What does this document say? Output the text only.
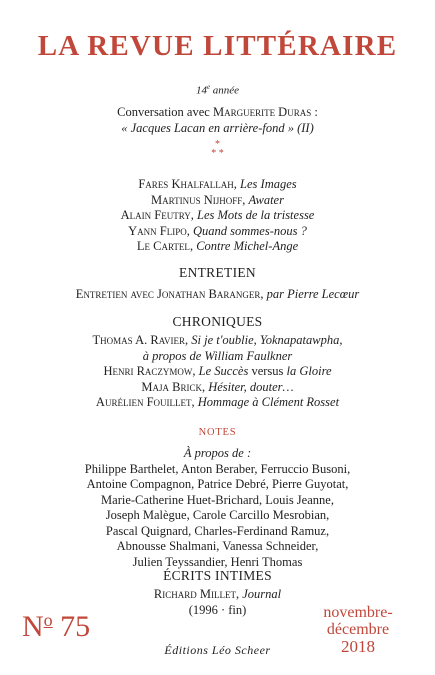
LA REVUE LITTÉRAIRE
14e année
Conversation avec Marguerite Duras :
« Jacques Lacan en arrière-fond » (II)
*
* *
Fares Khalfallah, Les Images
Martinus Nijhoff, Awater
Alain Feutry, Les Mots de la tristesse
Yann Flipo, Quand sommes-nous ?
Le Cartel, Contre Michel-Ange
ENTRETIEN
Entretien avec Jonathan Baranger, par Pierre Lecœur
CHRONIQUES
Thomas A. Ravier, Si je t'oublie, Yoknapatawpha,
à propos de William Faulkner
Henri Raczymow, Le Succès versus la Gloire
Maja Brick, Hésiter, douter…
Aurélien Fouillet, Hommage à Clément Rosset
NOTES
À propos de :
Philippe Barthelet, Anton Beraber, Ferruccio Busoni,
Antoine Compagnon, Patrice Debré, Pierre Guyotat,
Marie-Catherine Huet-Brichard, Louis Jeanne,
Joseph Malègue, Carole Carcillo Mesrobian,
Pascal Quignard, Charles-Ferdinand Ramuz,
Abnousse Shalmani, Vanessa Schneider,
Julien Teyssandier, Henri Thomas
ÉCRITS INTIMES
Richard Millet, Journal
(1996 · fin)
$N^o$ 75
Éditions Léo Scheer
novembre-
décembre
2018
